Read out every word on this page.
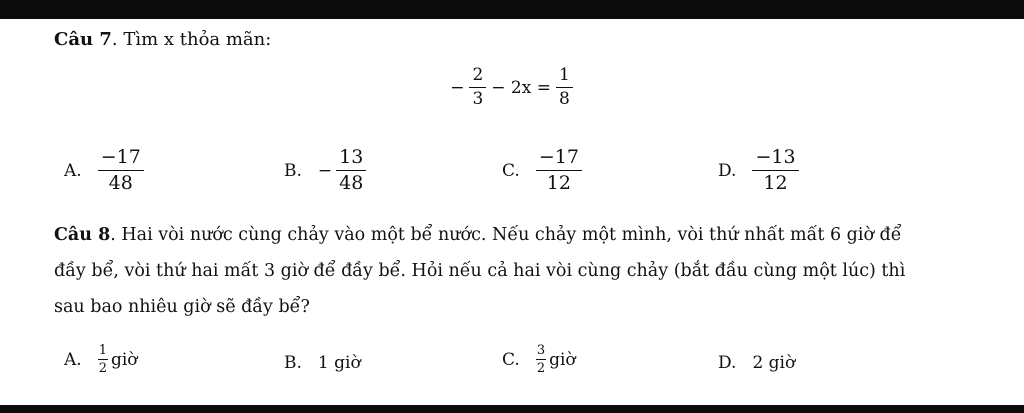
Câu 7. Tìm x thỏa mãn:
− $\frac{2}{3} - 2x = \frac{1}{8}$
A. $\frac{-17}{48}$	B. − $\frac{13}{48}$	C. $\frac{-17}{12}$	D. $\frac{-13}{12}$
Câu 8. Hai vòi nước cùng chảy vào một bể nước. Nếu chảy một mình, vòi thứ nhất mất 6 giờ để
đầy bể, vòi thứ hai mất 3 giờ để đầy bể. Hỏi nếu cả hai vòi cùng chảy (bắt đầu cùng một lúc) thì
sau bao nhiêu giờ sẽ đầy bể?
A. $\frac{1}{2}$ giờ	B. 1 giờ	C. $\frac{3}{2}$ giờ	D. 2 giờ
